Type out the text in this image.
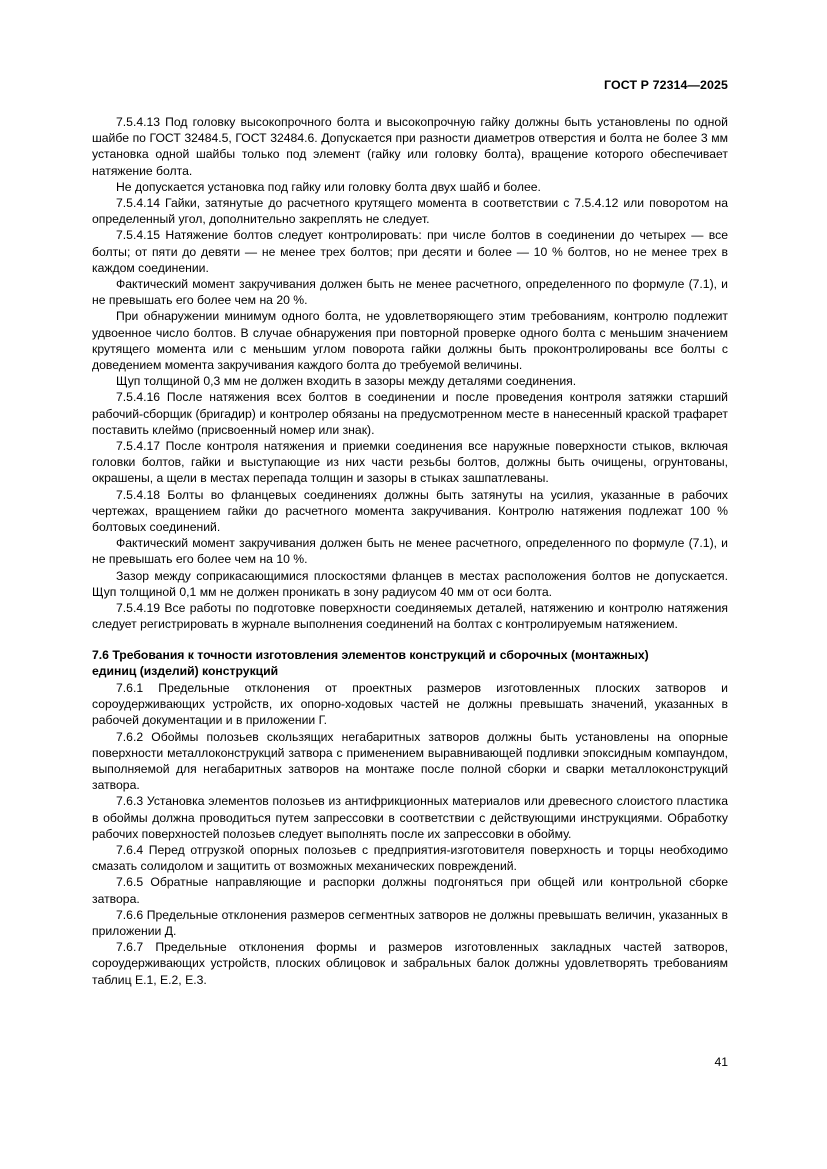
ГОСТ Р 72314—2025

7.5.4.13 Под головку высокопрочного болта и высокопрочную гайку должны быть установлены по одной шайбе по ГОСТ 32484.5, ГОСТ 32484.6. Допускается при разности диаметров отверстия и болта не более 3 мм установка одной шайбы только под элемент (гайку или головку болта), вращение которого обеспечивает натяжение болта.

Не допускается установка под гайку или головку болта двух шайб и более.

7.5.4.14 Гайки, затянутые до расчетного крутящего момента в соответствии с 7.5.4.12 или поворотом на определенный угол, дополнительно закреплять не следует.

7.5.4.15 Натяжение болтов следует контролировать: при числе болтов в соединении до четырех — все болты; от пяти до девяти — не менее трех болтов; при десяти и более — 10 % болтов, но не менее трех в каждом соединении.

Фактический момент закручивания должен быть не менее расчетного, определенного по формуле (7.1), и не превышать его более чем на 20 %.

При обнаружении минимум одного болта, не удовлетворяющего этим требованиям, контролю подлежит удвоенное число болтов. В случае обнаружения при повторной проверке одного болта с меньшим значением крутящего момента или с меньшим углом поворота гайки должны быть проконтролированы все болты с доведением момента закручивания каждого болта до требуемой величины.

Щуп толщиной 0,3 мм не должен входить в зазоры между деталями соединения.

7.5.4.16 После натяжения всех болтов в соединении и после проведения контроля затяжки старший рабочий-сборщик (бригадир) и контролер обязаны на предусмотренном месте в нанесенный краской трафарет поставить клеймо (присвоенный номер или знак).

7.5.4.17 После контроля натяжения и приемки соединения все наружные поверхности стыков, включая головки болтов, гайки и выступающие из них части резьбы болтов, должны быть очищены, огрунтованы, окрашены, а щели в местах перепада толщин и зазоры в стыках зашпатлеваны.

7.5.4.18 Болты во фланцевых соединениях должны быть затянуты на усилия, указанные в рабочих чертежах, вращением гайки до расчетного момента закручивания. Контролю натяжения подлежат 100 % болтовых соединений.

Фактический момент закручивания должен быть не менее расчетного, определенного по формуле (7.1), и не превышать его более чем на 10 %.

Зазор между соприкасающимися плоскостями фланцев в местах расположения болтов не допускается. Щуп толщиной 0,1 мм не должен проникать в зону радиусом 40 мм от оси болта.

7.5.4.19 Все работы по подготовке поверхности соединяемых деталей, натяжению и контролю натяжения следует регистрировать в журнале выполнения соединений на болтах с контролируемым натяжением.

7.6 Требования к точности изготовления элементов конструкций и сборочных (монтажных) единиц (изделий) конструкций

7.6.1 Предельные отклонения от проектных размеров изготовленных плоских затворов и сороудерживающих устройств, их опорно-ходовых частей не должны превышать значений, указанных в рабочей документации и в приложении Г.

7.6.2 Обоймы полозьев скользящих негабаритных затворов должны быть установлены на опорные поверхности металлоконструкций затвора с применением выравнивающей подливки эпоксидным компаундом, выполняемой для негабаритных затворов на монтаже после полной сборки и сварки металлоконструкций затвора.

7.6.3 Установка элементов полозьев из антифрикционных материалов или древесного слоистого пластика в обоймы должна проводиться путем запрессовки в соответствии с действующими инструкциями. Обработку рабочих поверхностей полозьев следует выполнять после их запрессовки в обойму.

7.6.4 Перед отгрузкой опорных полозьев с предприятия-изготовителя поверхность и торцы необходимо смазать солидолом и защитить от возможных механических повреждений.

7.6.5 Обратные направляющие и распорки должны подгоняться при общей или контрольной сборке затвора.

7.6.6 Предельные отклонения размеров сегментных затворов не должны превышать величин, указанных в приложении Д.

7.6.7 Предельные отклонения формы и размеров изготовленных закладных частей затворов, сороудерживающих устройств, плоских облицовок и забральных балок должны удовлетворять требованиям таблиц Е.1, Е.2, Е.3.

41
